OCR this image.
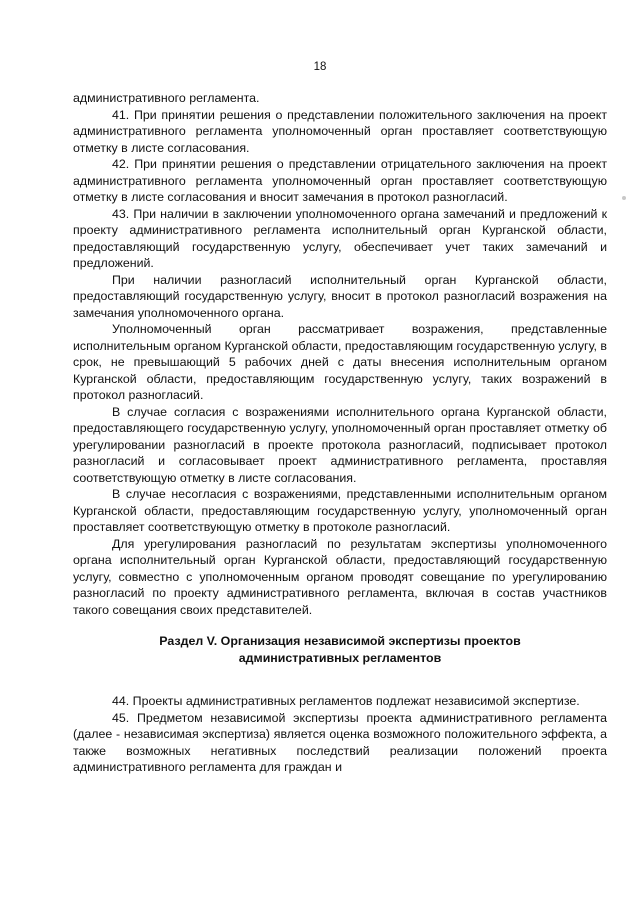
18

административного регламента.

41. При принятии решения о представлении положительного заключения на проект административного регламента уполномоченный орган проставляет соответствующую отметку в листе согласования.

42. При принятии решения о представлении отрицательного заключения на проект административного регламента уполномоченный орган проставляет соответствующую отметку в листе согласования и вносит замечания в протокол разногласий.

43. При наличии в заключении уполномоченного органа замечаний и предложений к проекту административного регламента исполнительный орган Курганской области, предоставляющий государственную услугу, обеспечивает учет таких замечаний и предложений.

При наличии разногласий исполнительный орган Курганской области, предоставляющий государственную услугу, вносит в протокол разногласий возражения на замечания уполномоченного органа.

Уполномоченный орган рассматривает возражения, представленные исполнительным органом Курганской области, предоставляющим государственную услугу, в срок, не превышающий 5 рабочих дней с даты внесения исполнительным органом Курганской области, предоставляющим государственную услугу, таких возражений в протокол разногласий.

В случае согласия с возражениями исполнительного органа Курганской области, предоставляющего государственную услугу, уполномоченный орган проставляет отметку об урегулировании разногласий в проекте протокола разногласий, подписывает протокол разногласий и согласовывает проект административного регламента, проставляя соответствующую отметку в листе согласования.

В случае несогласия с возражениями, представленными исполнительным органом Курганской области, предоставляющим государственную услугу, уполномоченный орган проставляет соответствующую отметку в протоколе разногласий.

Для урегулирования разногласий по результатам экспертизы уполномоченного органа исполнительный орган Курганской области, предоставляющий государственную услугу, совместно с уполномоченным органом проводят совещание по урегулированию разногласий по проекту административного регламента, включая в состав участников такого совещания своих представителей.

Раздел V. Организация независимой экспертизы проектов
административных регламентов

44. Проекты административных регламентов подлежат независимой экспертизе.

45. Предметом независимой экспертизы проекта административного регламента (далее - независимая экспертиза) является оценка возможного положительного эффекта, а также возможных негативных последствий реализации положений проекта административного регламента для граждан и
